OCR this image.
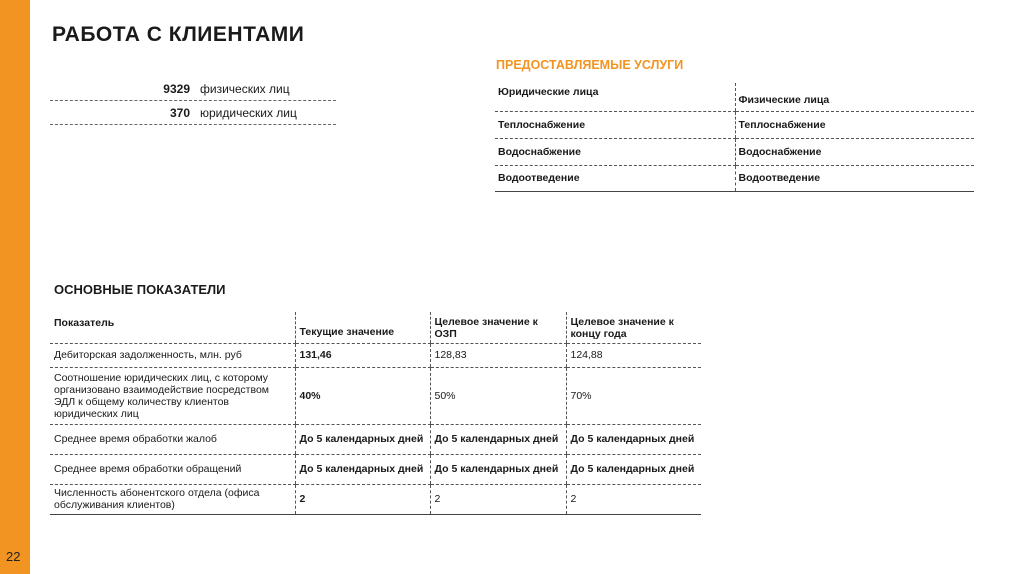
22
РАБОТА С КЛИЕНТАМИ
9329 физических лиц
370 юридических лиц
ПРЕДОСТАВЛЯЕМЫЕ УСЛУГИ
Юридические лица	Физические лица
Теплоснабжение	Теплоснабжение
Водоснабжение	Водоснабжение
Водоотведение	Водоотведение
ОСНОВНЫЕ ПОКАЗАТЕЛИ
Показатель	Текущие значение	Целевое значение к ОЗП	Целевое значение к концу года
Дебиторская задолженность, млн. руб	131,46	128,83	124,88
Соотношение юридических лиц, с которому организовано взаимодействие посредством ЭДЛ к общему количеству клиентов юридических лиц	40%	50%	70%
Среднее время обработки жалоб	До 5 календарных дней	До 5 календарных дней	До 5 календарных дней
Среднее время обработки обращений	До 5 календарных дней	До 5 календарных дней	До 5 календарных дней
Численность абонентского отдела (офиса обслуживания клиентов)	2	2	2
